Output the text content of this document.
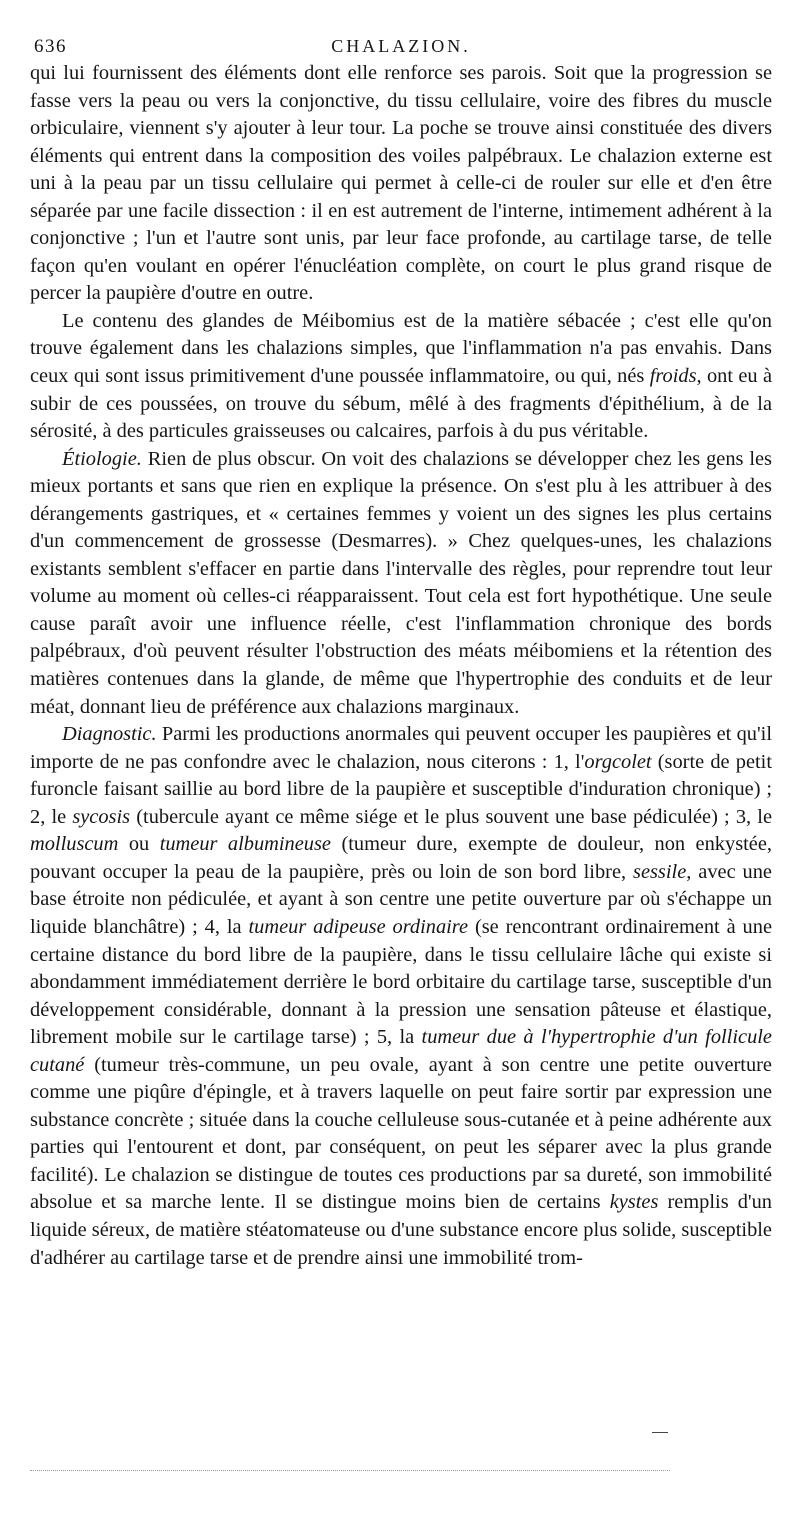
636	CHALAZION.

qui lui fournissent des éléments dont elle renforce ses parois. Soit que la progression se fasse vers la peau ou vers la conjonctive, du tissu cellulaire, voire des fibres du muscle orbiculaire, viennent s'y ajouter à leur tour. La poche se trouve ainsi constituée des divers éléments qui entrent dans la composition des voiles palpébraux. Le chalazion externe est uni à la peau par un tissu cellulaire qui permet à celle-ci de rouler sur elle et d'en être séparée par une facile dissection : il en est autrement de l'interne, intimement adhérent à la conjonctive ; l'un et l'autre sont unis, par leur face profonde, au cartilage tarse, de telle façon qu'en voulant en opérer l'énucléation complète, on court le plus grand risque de percer la paupière d'outre en outre.

Le contenu des glandes de Méibomius est de la matière sébacée ; c'est elle qu'on trouve également dans les chalazions simples, que l'inflammation n'a pas envahis. Dans ceux qui sont issus primitivement d'une poussée inflammatoire, ou qui, nés froids, ont eu à subir de ces poussées, on trouve du sébum, mêlé à des fragments d'épithélium, à de la sérosité, à des particules graisseuses ou calcaires, parfois à du pus véritable.

Étiologie. Rien de plus obscur. On voit des chalazions se développer chez les gens les mieux portants et sans que rien en explique la présence. On s'est plu à les attribuer à des dérangements gastriques, et « certaines femmes y voient un des signes les plus certains d'un commencement de grossesse (Desmarres). » Chez quelques-unes, les chalazions existants semblent s'effacer en partie dans l'intervalle des règles, pour reprendre tout leur volume au moment où celles-ci réapparaissent. Tout cela est fort hypothétique. Une seule cause paraît avoir une influence réelle, c'est l'inflammation chronique des bords palpébraux, d'où peuvent résulter l'obstruction des méats méibomiens et la rétention des matières contenues dans la glande, de même que l'hypertrophie des conduits et de leur méat, donnant lieu de préférence aux chalazions marginaux.

Diagnostic. Parmi les productions anormales qui peuvent occuper les paupières et qu'il importe de ne pas confondre avec le chalazion, nous citerons : 1, l'orgcolet (sorte de petit furoncle faisant saillie au bord libre de la paupière et susceptible d'induration chronique) ; 2, le sycosis (tubercule ayant ce même siége et le plus souvent une base pédiculée) ; 3, le molluscum ou tumeur albumineuse (tumeur dure, exempte de douleur, non enkystée, pouvant occuper la peau de la paupière, près ou loin de son bord libre, sessile, avec une base étroite non pédiculée, et ayant à son centre une petite ouverture par où s'échappe un liquide blanchâtre) ; 4, la tumeur adipeuse ordinaire (se rencontrant ordinairement à une certaine distance du bord libre de la paupière, dans le tissu cellulaire lâche qui existe si abondamment immédiatement derrière le bord orbitaire du cartilage tarse, susceptible d'un développement considérable, donnant à la pression une sensation pâteuse et élastique, librement mobile sur le cartilage tarse) ; 5, la tumeur due à l'hypertrophie d'un follicule cutané (tumeur très-commune, un peu ovale, ayant à son centre une petite ouverture comme une piqûre d'épingle, et à travers laquelle on peut faire sortir par expression une substance concrète ; située dans la couche celluleuse sous-cutanée et à peine adhérente aux parties qui l'entourent et dont, par conséquent, on peut les séparer avec la plus grande facilité). Le chalazion se distingue de toutes ces productions par sa dureté, son immobilité absolue et sa marche lente. Il se distingue moins bien de certains kystes remplis d'un liquide séreux, de matière stéatomateuse ou d'une substance encore plus solide, susceptible d'adhérer au cartilage tarse et de prendre ainsi une immobilité trom-
